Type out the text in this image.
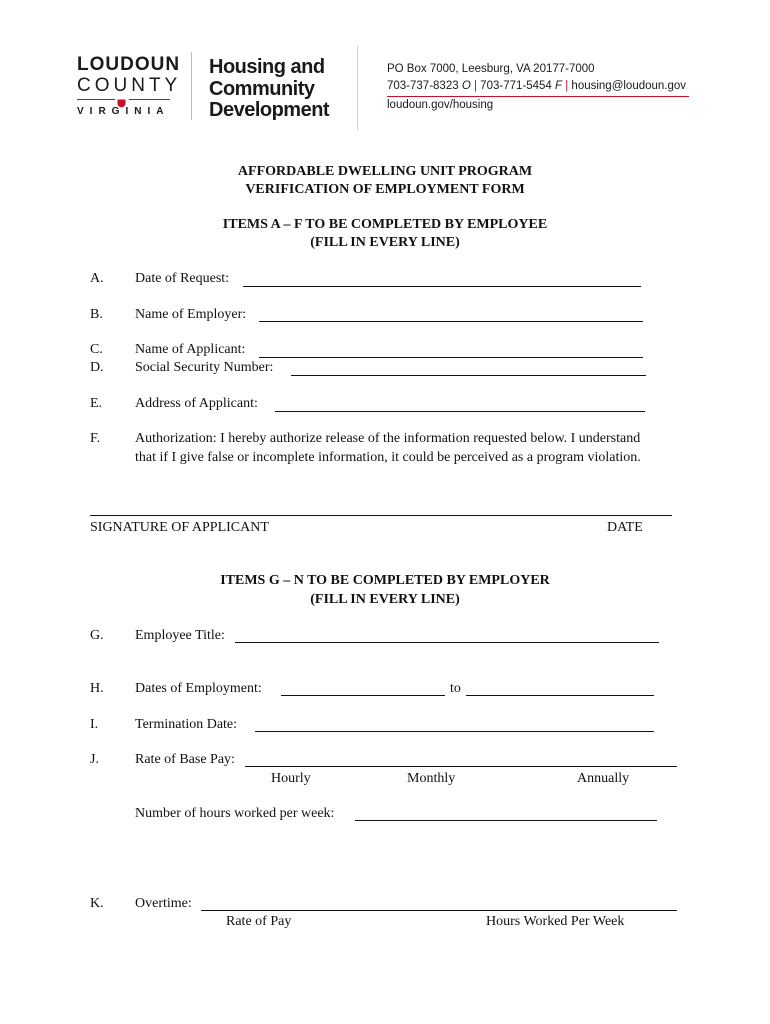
LOUDOUN
COUNTY
VIRGINIA
Housing and
Community
Development
PO Box 7000, Leesburg, VA 20177-7000
703-737-8323 O | 703-771-5454 F | housing@loudoun.gov
loudoun.gov/housing
AFFORDABLE DWELLING UNIT PROGRAM
VERIFICATION OF EMPLOYMENT FORM
ITEMS A – F TO BE COMPLETED BY EMPLOYEE
(FILL IN EVERY LINE)
A. Date of Request:
B. Name of Employer:
C. Name of Applicant:
D. Social Security Number:
E. Address of Applicant:
F. Authorization: I hereby authorize release of the information requested below. I understand
that if I give false or incomplete information, it could be perceived as a program violation.
SIGNATURE OF APPLICANT	DATE
ITEMS G – N TO BE COMPLETED BY EMPLOYER
(FILL IN EVERY LINE)
G. Employee Title:
H. Dates of Employment:	to
I.	Termination Date:
J.	Rate of Base Pay:
Hourly	Monthly	Annually
Number of hours worked per week:
K. Overtime:
Rate of Pay	Hours Worked Per Week
